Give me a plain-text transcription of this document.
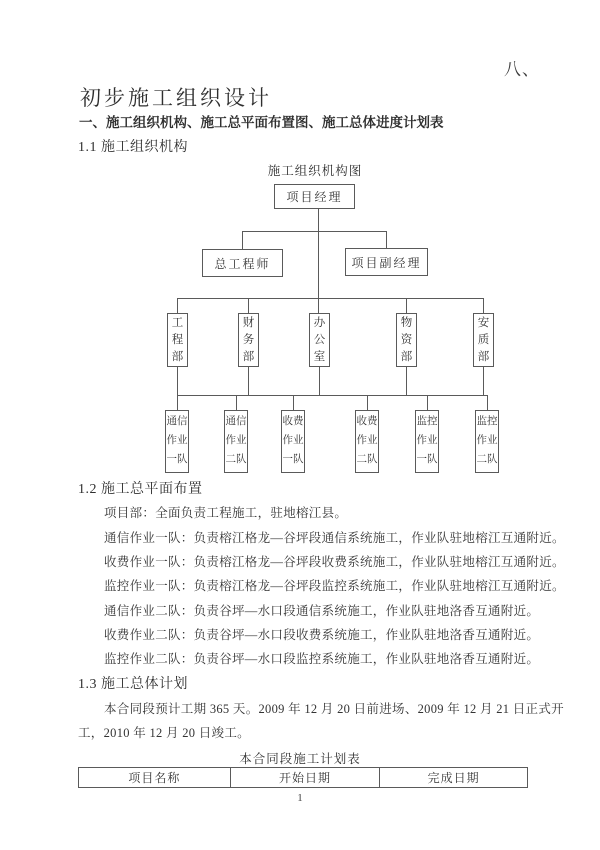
八、
初步施工组织设计
一、施工组织机构、施工总平面布置图、施工总体进度计划表
1.1 施工组织机构
施工组织机构图
项目经理
总工程师	项目副经理
工程部
财务部
办公室
物资部
安质部
通信作业一队
通信作业二队
收费作业一队
收费作业二队
监控作业一队
监控作业二队
1.2 施工总平面布置
项目部：全面负责工程施工，驻地榕江县。
通信作业一队：负责榕江格龙—谷坪段通信系统施工，作业队驻地榕江互通附近。
收费作业一队：负责榕江格龙—谷坪段收费系统施工，作业队驻地榕江互通附近。
监控作业一队：负责榕江格龙—谷坪段监控系统施工，作业队驻地榕江互通附近。
通信作业二队：负责谷坪—水口段通信系统施工，作业队驻地洛香互通附近。
收费作业二队：负责谷坪—水口段收费系统施工，作业队驻地洛香互通附近。
监控作业二队：负责谷坪—水口段监控系统施工，作业队驻地洛香互通附近。
1.3 施工总体计划
本合同段预计工期 365 天。2009 年 12 月 20 日前进场、2009 年 12 月 21 日正式开
工，2010 年 12 月 20 日竣工。
本合同段施工计划表
项目名称	开始日期	完成日期
1
